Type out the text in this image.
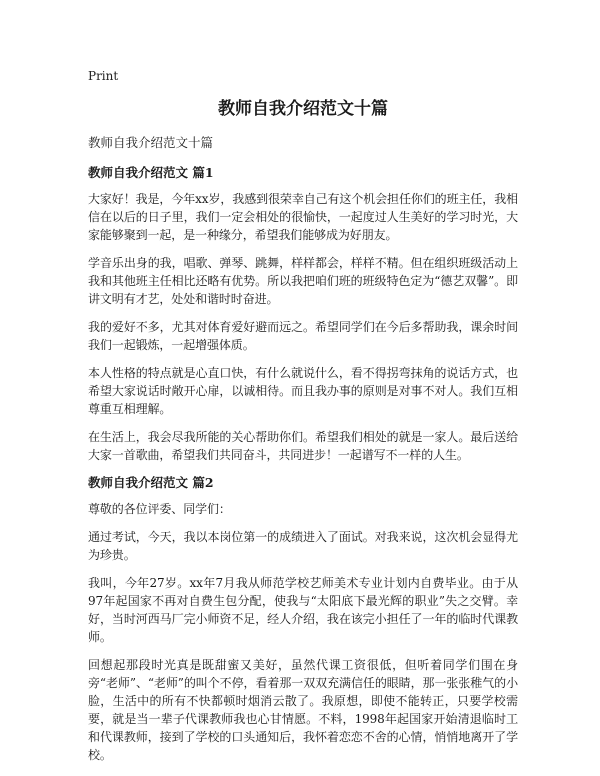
Print
教师自我介绍范文十篇
教师自我介绍范文十篇
教师自我介绍范文 篇1

大家好！我是，今年xx岁，我感到很荣幸自己有这个机会担任你们的班主任，我相信在以后的日子里，我们一定会相处的很愉快，一起度过人生美好的学习时光，大家能够聚到一起，是一种缘分，希望我们能够成为好朋友。

学音乐出身的我，唱歌、弹琴、跳舞，样样都会，样样不精。但在组织班级活动上我和其他班主任相比还略有优势。所以我把咱们班的班级特色定为“德艺双馨”。即讲文明有才艺，处处和谐时时奋进。

我的爱好不多，尤其对体育爱好避而远之。希望同学们在今后多帮助我，课余时间我们一起锻炼，一起增强体质。

本人性格的特点就是心直口快，有什么就说什么，看不得拐弯抹角的说话方式，也希望大家说话时敞开心扉，以诚相待。而且我办事的原则是对事不对人。我们互相尊重互相理解。

在生活上，我会尽我所能的关心帮助你们。希望我们相处的就是一家人。最后送给大家一首歌曲，希望我们共同奋斗，共同进步！一起谱写不一样的人生。

教师自我介绍范文 篇2

尊敬的各位评委、同学们：

通过考试，今天，我以本岗位第一的成绩进入了面试。对我来说，这次机会显得尤为珍贵。

我叫，今年27岁。xx年7月我从师范学校艺师美术专业计划内自费毕业。由于从97年起国家不再对自费生包分配，使我与“太阳底下最光辉的职业”失之交臂。幸好，当时河西马厂完小师资不足，经人介绍，我在该完小担任了一年的临时代课教师。

回想起那段时光真是既甜蜜又美好，虽然代课工资很低，但听着同学们围在身旁“老师”、“老师”的叫个不停，看着那一双双充满信任的眼睛，那一张张稚气的小脸，生活中的所有不快都顿时烟消云散了。我原想，即使不能转正，只要学校需要，就是当一辈子代课教师我也心甘情愿。不料，1998年起国家开始清退临时工和代课教师，接到了学校的口头通知后，我怀着恋恋不舍的心情，悄悄地离开了学校。
